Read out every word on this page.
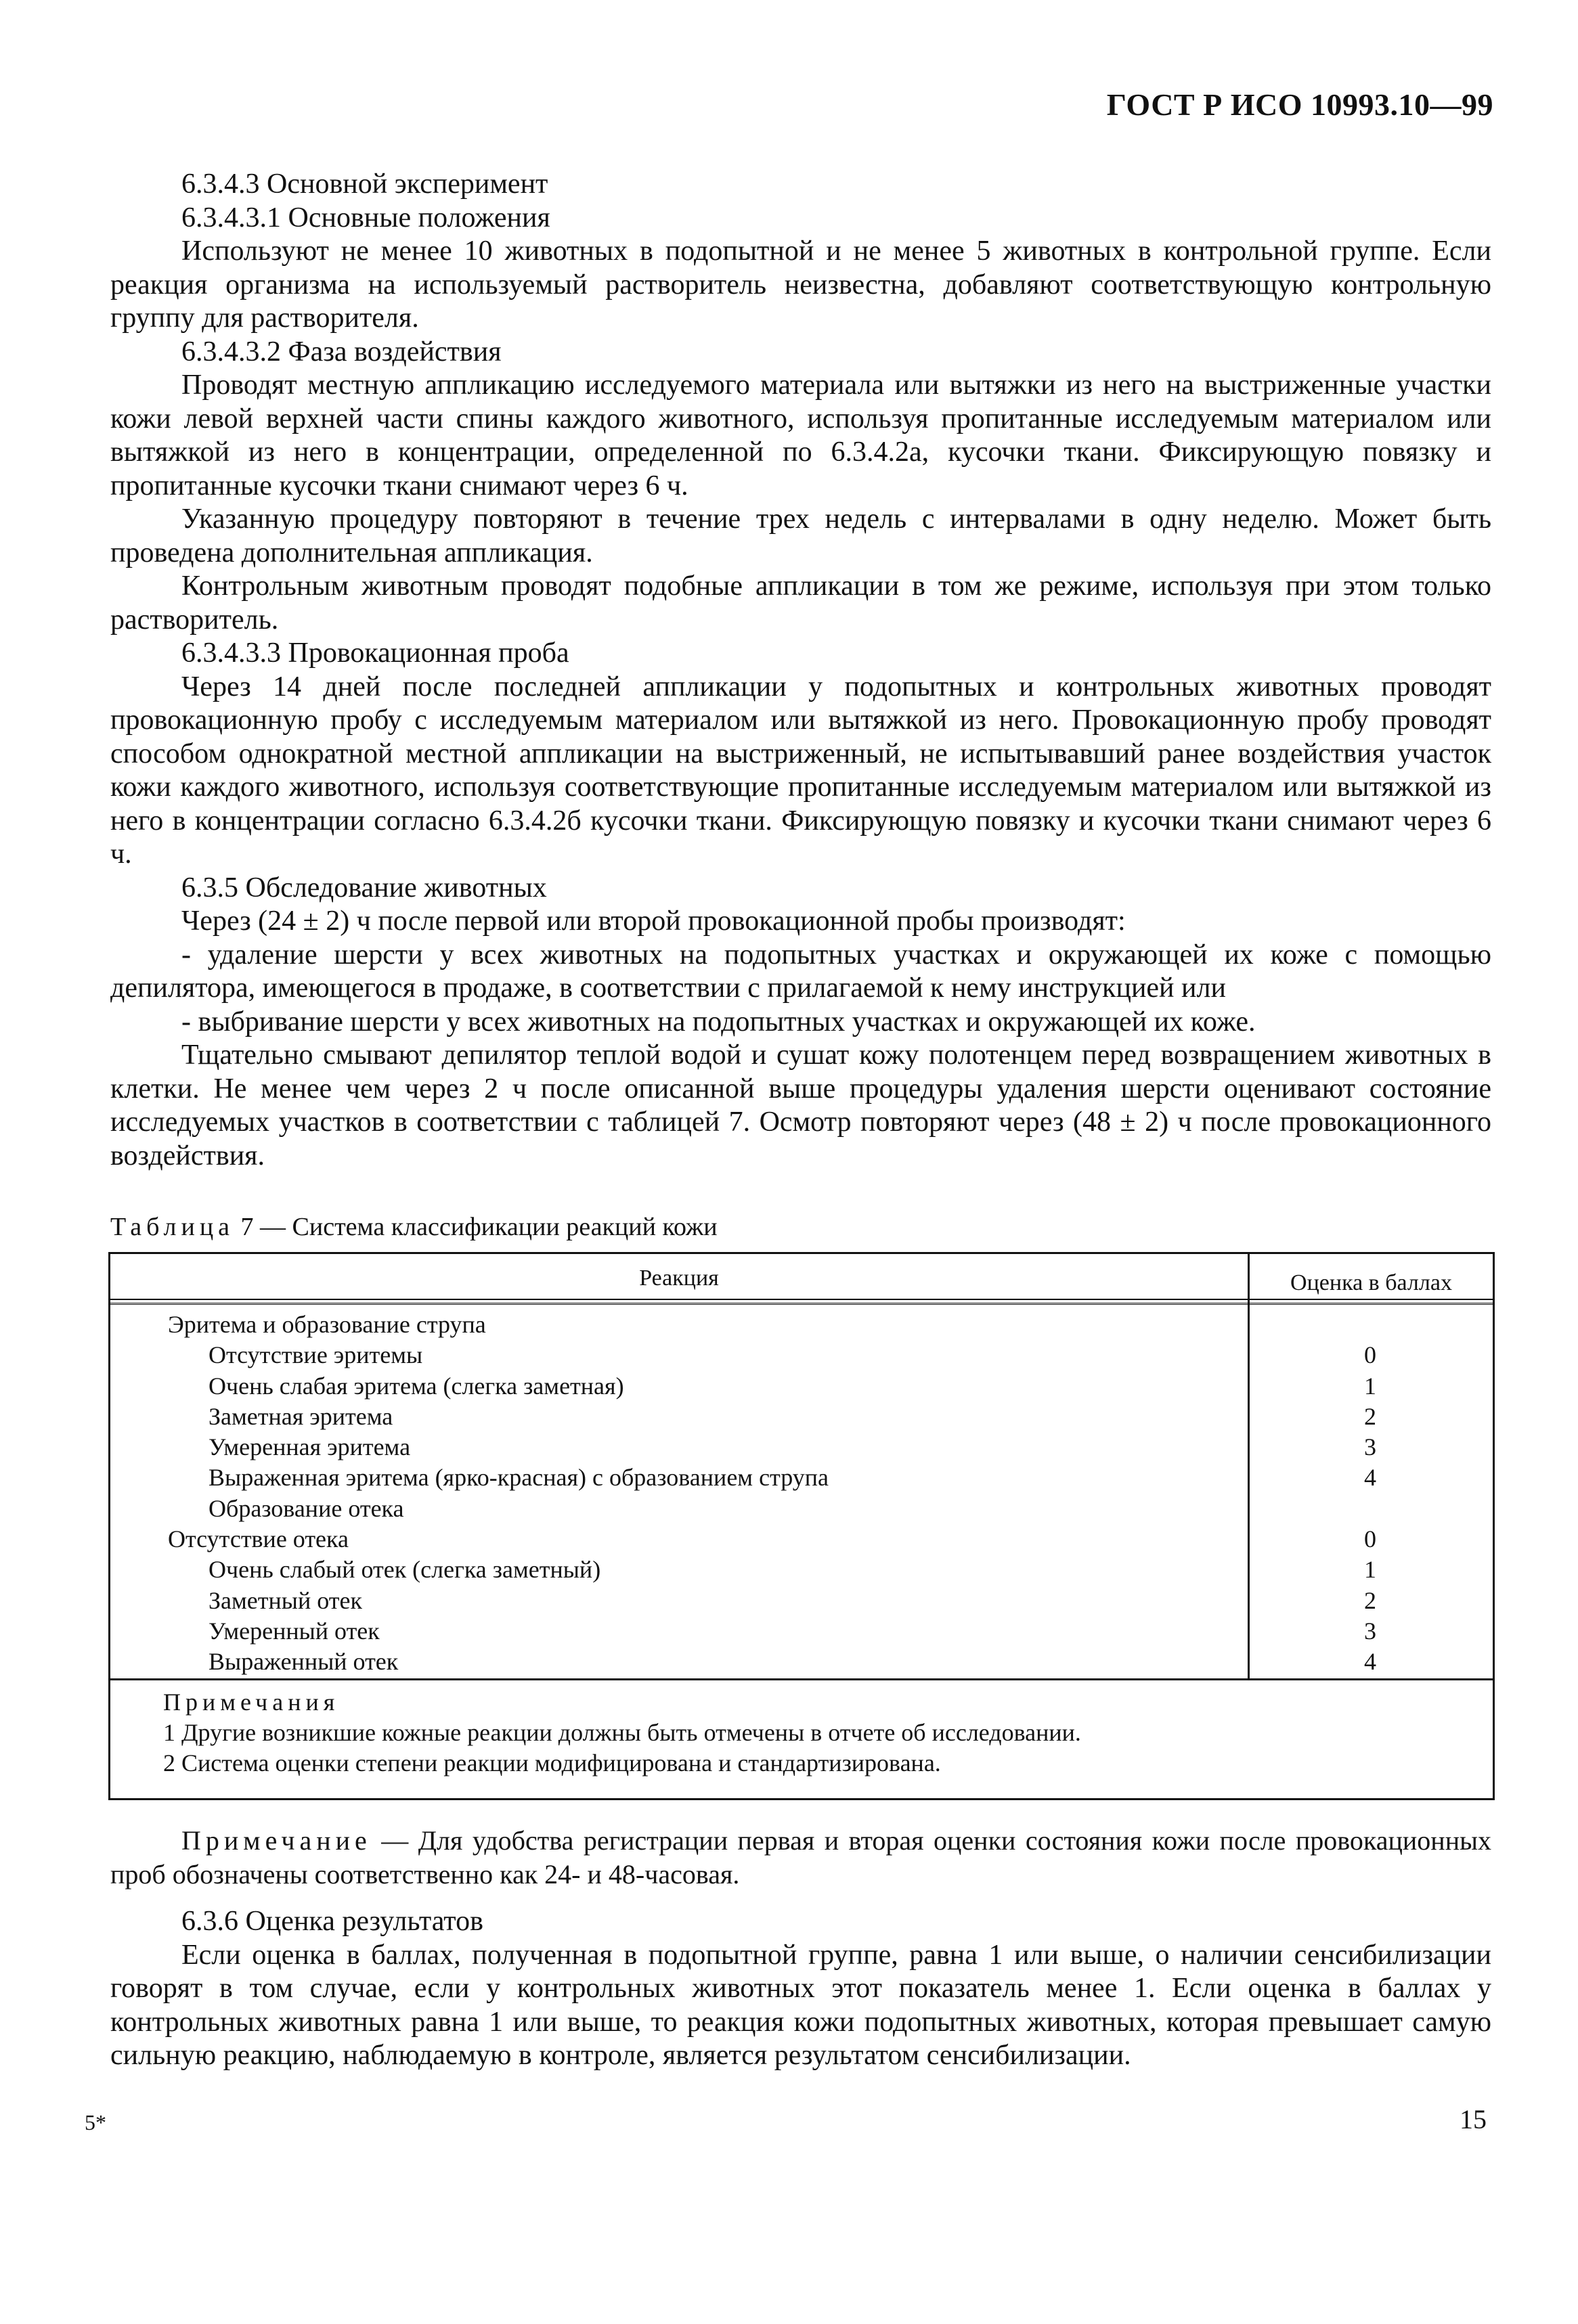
ГОСТ Р ИСО 10993.10—99

6.3.4.3 Основной эксперимент

6.3.4.3.1 Основные положения

Используют не менее 10 животных в подопытной и не менее 5 животных в контрольной группе. Если реакция организма на используемый растворитель неизвестна, добавляют соответствующую контрольную группу для растворителя.

6.3.4.3.2 Фаза воздействия

Проводят местную аппликацию исследуемого материала или вытяжки из него на выстриженные участки кожи левой верхней части спины каждого животного, используя пропитанные исследуемым материалом или вытяжкой из него в концентрации, определенной по 6.3.4.2а, кусочки ткани. Фиксирующую повязку и пропитанные кусочки ткани снимают через 6 ч.

Указанную процедуру повторяют в течение трех недель с интервалами в одну неделю. Может быть проведена дополнительная аппликация.

Контрольным животным проводят подобные аппликации в том же режиме, используя при этом только растворитель.

6.3.4.3.3 Провокационная проба

Через 14 дней после последней аппликации у подопытных и контрольных животных проводят провокационную пробу с исследуемым материалом или вытяжкой из него. Провокационную пробу проводят способом однократной местной аппликации на выстриженный, не испытывавший ранее воздействия участок кожи каждого животного, используя соответствующие пропитанные исследуемым материалом или вытяжкой из него в концентрации согласно 6.3.4.2б кусочки ткани. Фиксирующую повязку и кусочки ткани снимают через 6 ч.

6.3.5 Обследование животных

Через (24 ± 2) ч после первой или второй провокационной пробы производят:

- удаление шерсти у всех животных на подопытных участках и окружающей их коже с помощью депилятора, имеющегося в продаже, в соответствии с прилагаемой к нему инструкцией или

- выбривание шерсти у всех животных на подопытных участках и окружающей их коже.

Тщательно смывают депилятор теплой водой и сушат кожу полотенцем перед возвращением животных в клетки. Не менее чем через 2 ч после описанной выше процедуры удаления шерсти оценивают состояние исследуемых участков в соответствии с таблицей 7. Осмотр повторяют через (48 ± 2) ч после провокационного воздействия.

Таблица 7 — Система классификации реакций кожи
Реакция	Оценка в баллах
Эритема и образование струпа
Отсутствие эритемы	0
Очень слабая эритема (слегка заметная)	1
Заметная эритема	2
Умеренная эритема	3
Выраженная эритема (ярко-красная) с образованием струпа	4
Образование отека
Отсутствие отека	0
Очень слабый отек (слегка заметный)	1
Заметный отек	2
Умеренный отек	3
Выраженный отек	4
Примечания
1 Другие возникшие кожные реакции должны быть отмечены в отчете об исследовании.
2 Система оценки степени реакции модифицирована и стандартизирована.

Примечание — Для удобства регистрации первая и вторая оценки состояния кожи после провокационных проб обозначены соответственно как 24- и 48-часовая.

6.3.6 Оценка результатов

Если оценка в баллах, полученная в подопытной группе, равна 1 или выше, о наличии сенсибилизации говорят в том случае, если у контрольных животных этот показатель менее 1. Если оценка в баллах у контрольных животных равна 1 или выше, то реакция кожи подопытных животных, которая превышает самую сильную реакцию, наблюдаемую в контроле, является результатом сенсибилизации.

5*	15
